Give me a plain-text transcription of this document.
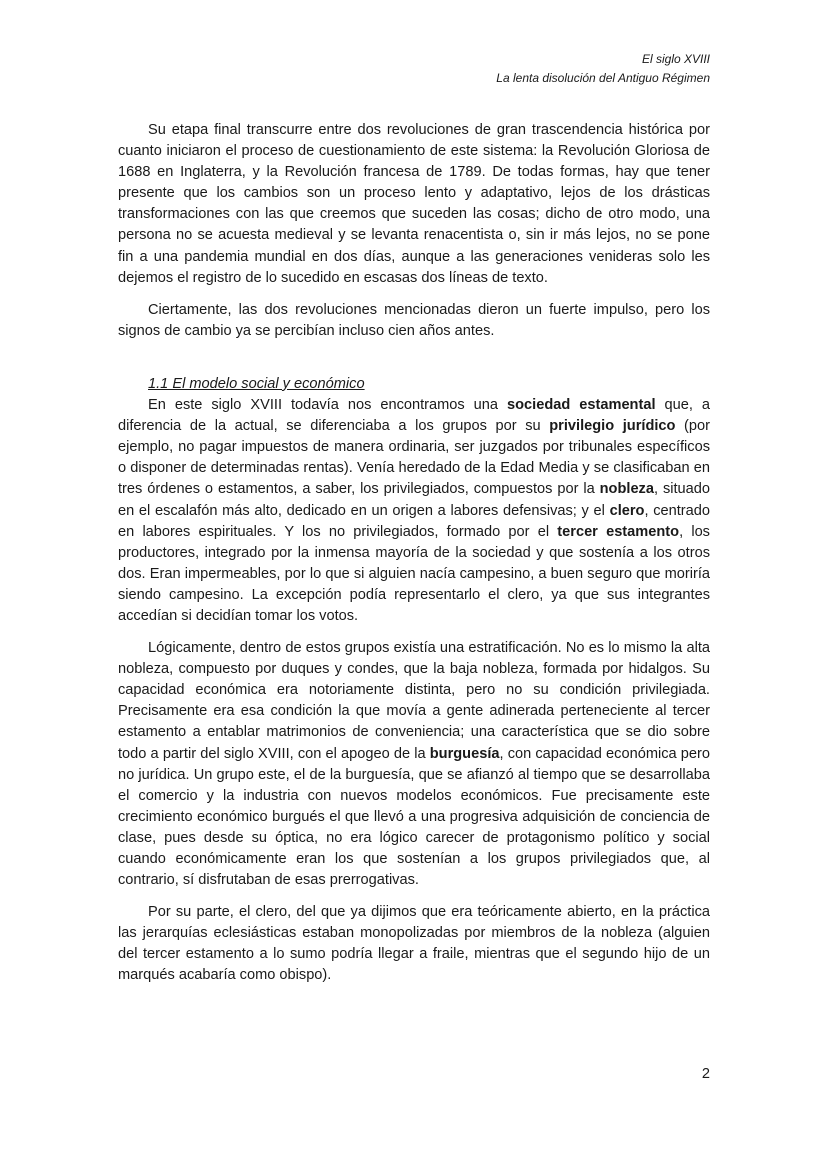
El siglo XVIII
La lenta disolución del Antiguo Régimen

Su etapa final transcurre entre dos revoluciones de gran trascendencia histórica por cuanto iniciaron el proceso de cuestionamiento de este sistema: la Revolución Gloriosa de 1688 en Inglaterra, y la Revolución francesa de 1789. De todas formas, hay que tener presente que los cambios son un proceso lento y adaptativo, lejos de los drásticas transformaciones con las que creemos que suceden las cosas; dicho de otro modo, una persona no se acuesta medieval y se levanta renacentista o, sin ir más lejos, no se pone fin a una pandemia mundial en dos días, aunque a las generaciones venideras solo les dejemos el registro de lo sucedido en escasas dos líneas de texto.

Ciertamente, las dos revoluciones mencionadas dieron un fuerte impulso, pero los signos de cambio ya se percibían incluso cien años antes.

1.1 El modelo social y económico

En este siglo XVIII todavía nos encontramos una sociedad estamental que, a diferencia de la actual, se diferenciaba a los grupos por su privilegio jurídico (por ejemplo, no pagar impuestos de manera ordinaria, ser juzgados por tribunales específicos o disponer de determinadas rentas). Venía heredado de la Edad Media y se clasificaban en tres órdenes o estamentos, a saber, los privilegiados, compuestos por la nobleza, situado en el escalafón más alto, dedicado en un origen a labores defensivas; y el clero, centrado en labores espirituales. Y los no privilegiados, formado por el tercer estamento, los productores, integrado por la inmensa mayoría de la sociedad y que sostenía a los otros dos. Eran impermeables, por lo que si alguien nacía campesino, a buen seguro que moriría siendo campesino. La excepción podía representarlo el clero, ya que sus integrantes accedían si decidían tomar los votos.

Lógicamente, dentro de estos grupos existía una estratificación. No es lo mismo la alta nobleza, compuesto por duques y condes, que la baja nobleza, formada por hidalgos. Su capacidad económica era notoriamente distinta, pero no su condición privilegiada. Precisamente era esa condición la que movía a gente adinerada perteneciente al tercer estamento a entablar matrimonios de conveniencia; una característica que se dio sobre todo a partir del siglo XVIII, con el apogeo de la burguesía, con capacidad económica pero no jurídica. Un grupo este, el de la burguesía, que se afianzó al tiempo que se desarrollaba el comercio y la industria con nuevos modelos económicos. Fue precisamente este crecimiento económico burgués el que llevó a una progresiva adquisición de conciencia de clase, pues desde su óptica, no era lógico carecer de protagonismo político y social cuando económicamente eran los que sostenían a los grupos privilegiados que, al contrario, sí disfrutaban de esas prerrogativas.

Por su parte, el clero, del que ya dijimos que era teóricamente abierto, en la práctica las jerarquías eclesiásticas estaban monopolizadas por miembros de la nobleza (alguien del tercer estamento a lo sumo podría llegar a fraile, mientras que el segundo hijo de un marqués acabaría como obispo).

2
